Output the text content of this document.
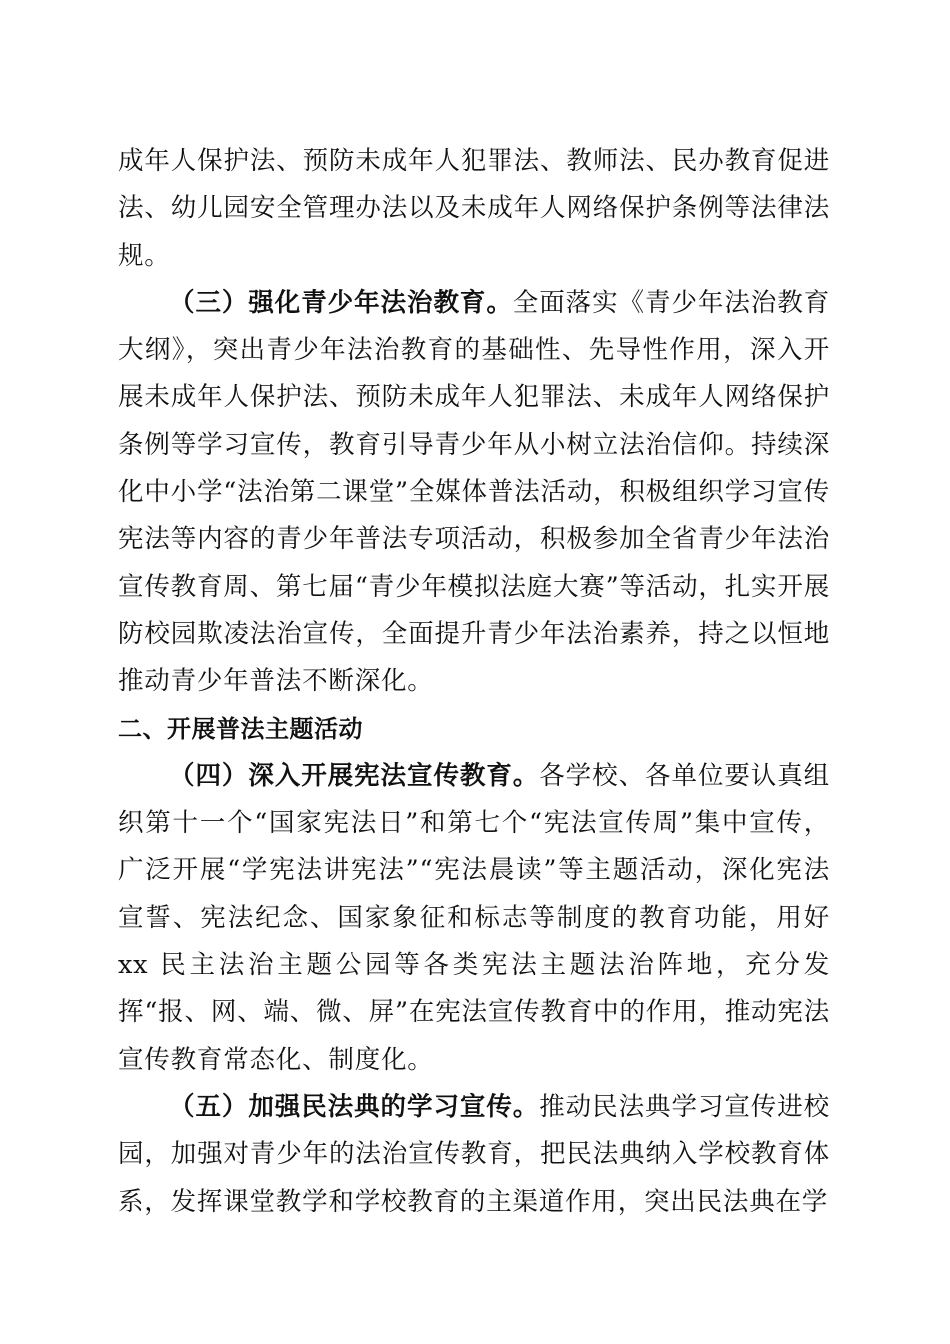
成年人保护法、预防未成年人犯罪法、教师法、民办教育促进法、幼儿园安全管理办法以及未成年人网络保护条例等法律法规。

（三）强化青少年法治教育。全面落实《青少年法治教育大纲》，突出青少年法治教育的基础性、先导性作用，深入开展未成年人保护法、预防未成年人犯罪法、未成年人网络保护条例等学习宣传，教育引导青少年从小树立法治信仰。持续深化中小学“法治第二课堂”全媒体普法活动，积极组织学习宣传宪法等内容的青少年普法专项活动，积极参加全省青少年法治宣传教育周、第七届“青少年模拟法庭大赛”等活动，扎实开展防校园欺凌法治宣传，全面提升青少年法治素养，持之以恒地推动青少年普法不断深化。

二、开展普法主题活动

（四）深入开展宪法宣传教育。各学校、各单位要认真组织第十一个“国家宪法日”和第七个“宪法宣传周”集中宣传，广泛开展“学宪法讲宪法”“宪法晨读”等主题活动，深化宪法宣誓、宪法纪念、国家象征和标志等制度的教育功能，用好 xx 民主法治主题公园等各类宪法主题法治阵地，充分发挥“报、网、端、微、屏”在宪法宣传教育中的作用，推动宪法宣传教育常态化、制度化。

（五）加强民法典的学习宣传。推动民法典学习宣传进校园，加强对青少年的法治宣传教育，把民法典纳入学校教育体系，发挥课堂教学和学校教育的主渠道作用，突出民法典在学
